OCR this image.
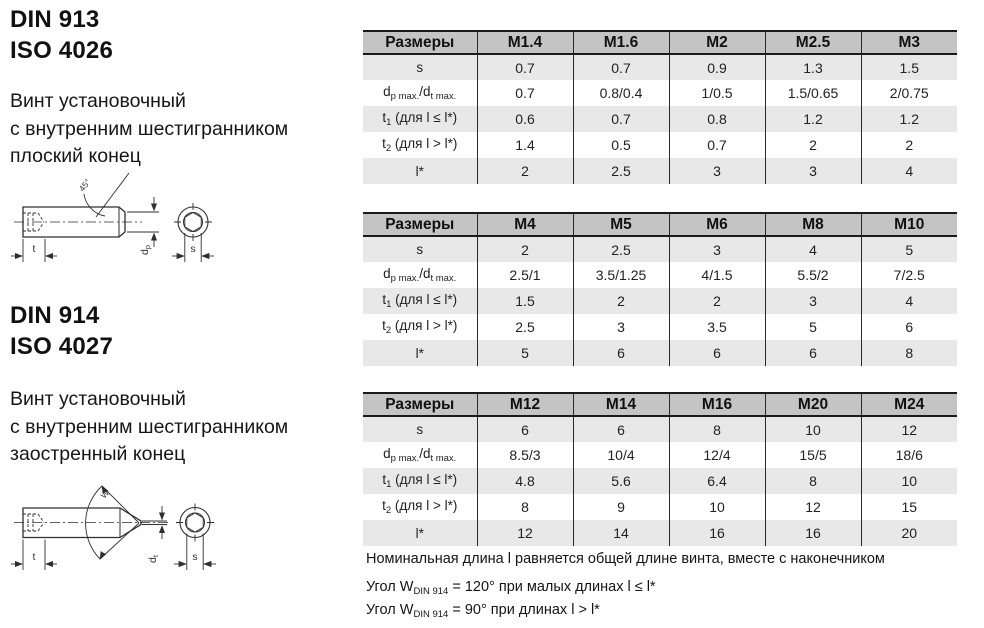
DIN 913
ISO 4026
Винт установочный
с внутренним шестигранником
плоский конец
45°
t	dp	s
DIN 914
ISO 4027
Винт установочный
с внутренним шестигранником
заостренный конец
W
t	dt	s
Размеры	M1.4	M1.6	M2	M2.5	M3
s	0.7	0.7	0.9	1.3	1.5
$d_{p max.}/d_{t max.}$	0.7	0.8/0.4	1/0.5	1.5/0.65	2/0.75
$t_1$ (для l ≤ l*)	0.6	0.7	0.8	1.2	1.2
$t_2$ (для l > l*)	1.4	0.5	0.7	2	2
l*	2	2.5	3	3	4
Размеры	M4	M5	M6	M8	M10
s	2	2.5	3	4	5
$d_{p max.}/d_{t max.}$	2.5/1	3.5/1.25	4/1.5	5.5/2	7/2.5
$t_1$ (для l ≤ l*)	1.5	2	2	3	4
$t_2$ (для l > l*)	2.5	3	3.5	5	6
l*	5	6	6	6	8
Размеры	M12	M14	M16	M20	M24
s	6	6	8	10	12
$d_{p max.}/d_{t max.}$	8.5/3	10/4	12/4	15/5	18/6
$t_1$ (для l ≤ l*)	4.8	5.6	6.4	8	10
$t_2$ (для l > l*)	8	9	10	12	15
l*	12	14	16	16	20
Номинальная длина l равняется общей длине винта, вместе с наконечником
Угол $W_{DIN 914} = 120^\circ$ при малых длинах l ≤ l*
Угол $W_{DIN 914} = 90^\circ$ при длинах l > l*
